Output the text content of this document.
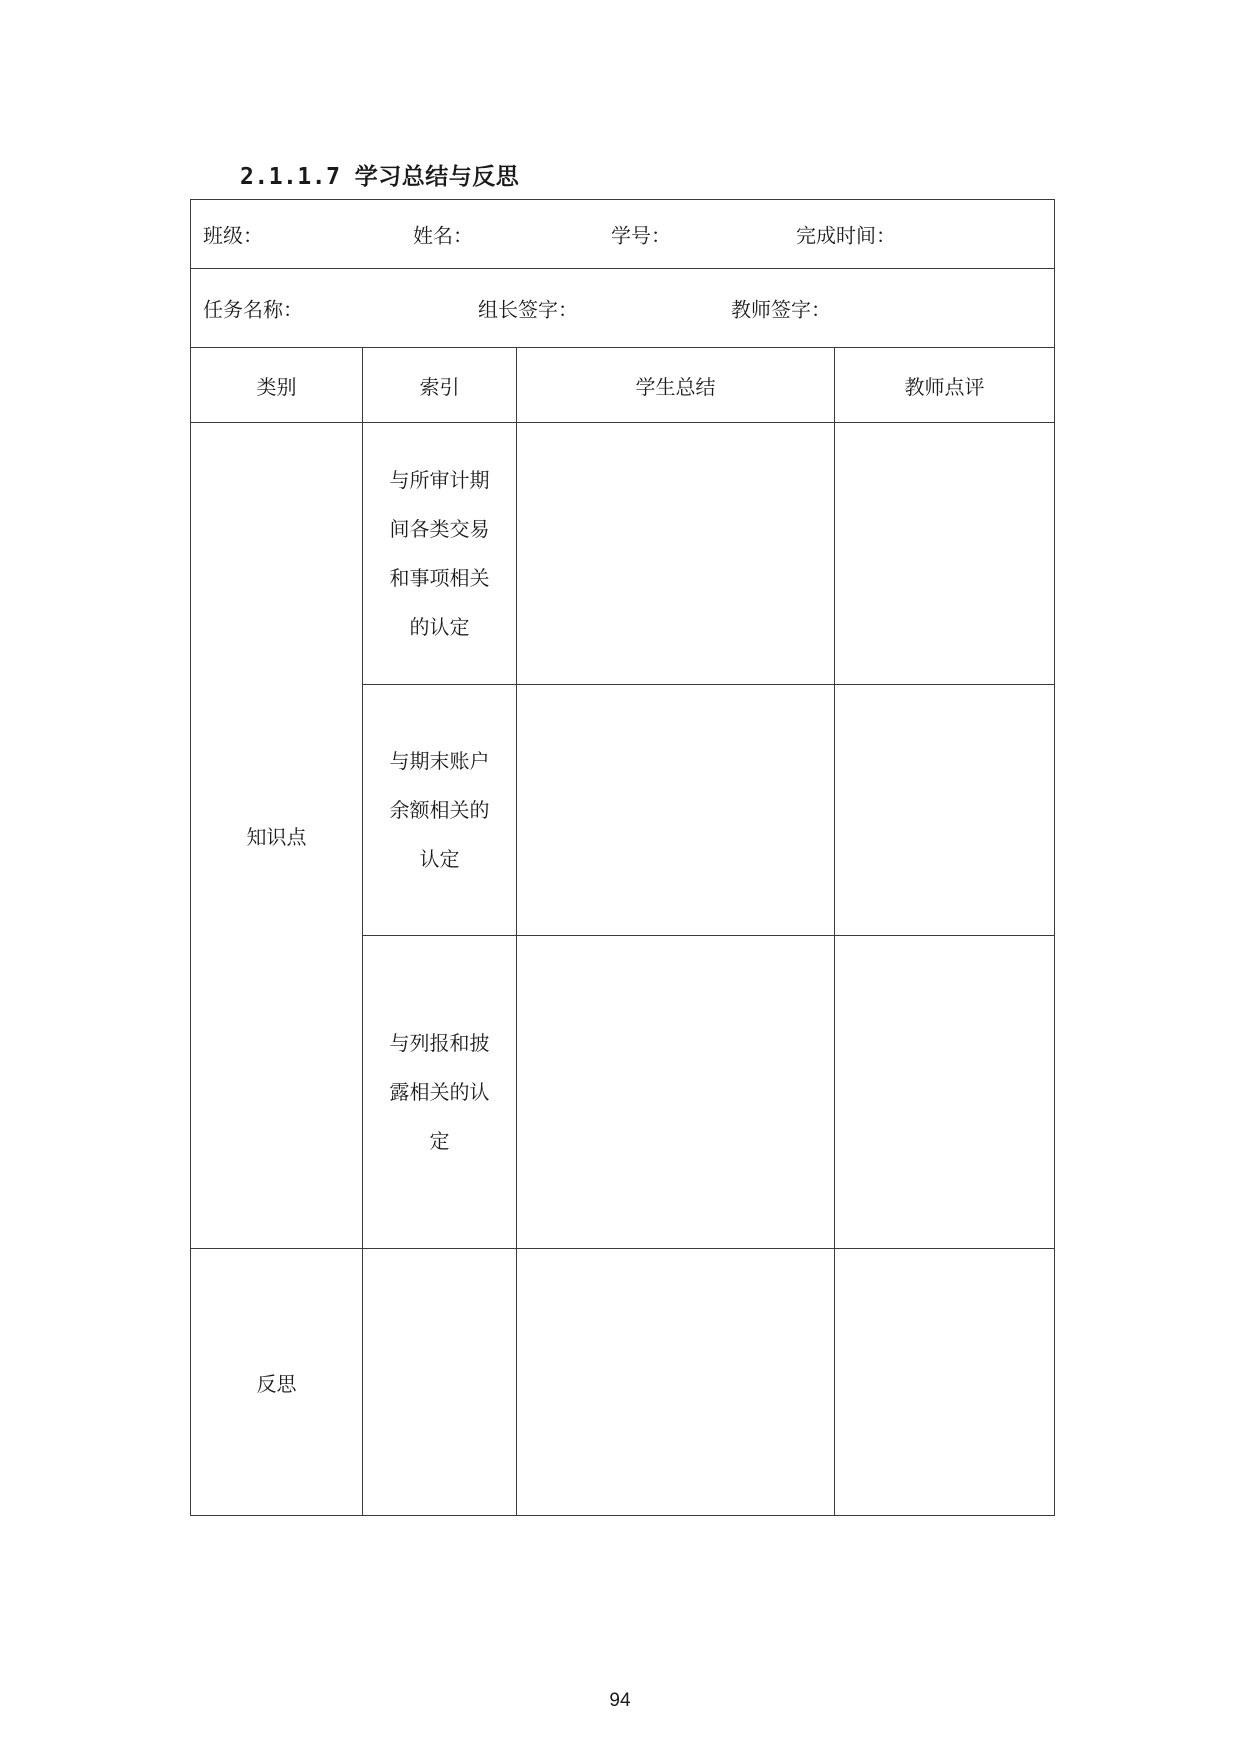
2.1.1.7 学习总结与反思
班级： 姓名： 学号： 完成时间：			

任务名称： 组长签字： 教师签字：			

类别	索引	学生总结	教师点评
知识点	与所审计期间各类交易和事项相关的认定		
	与期末账户余额相关的认定		
	与列报和披露相关的认定		
反思			
94
